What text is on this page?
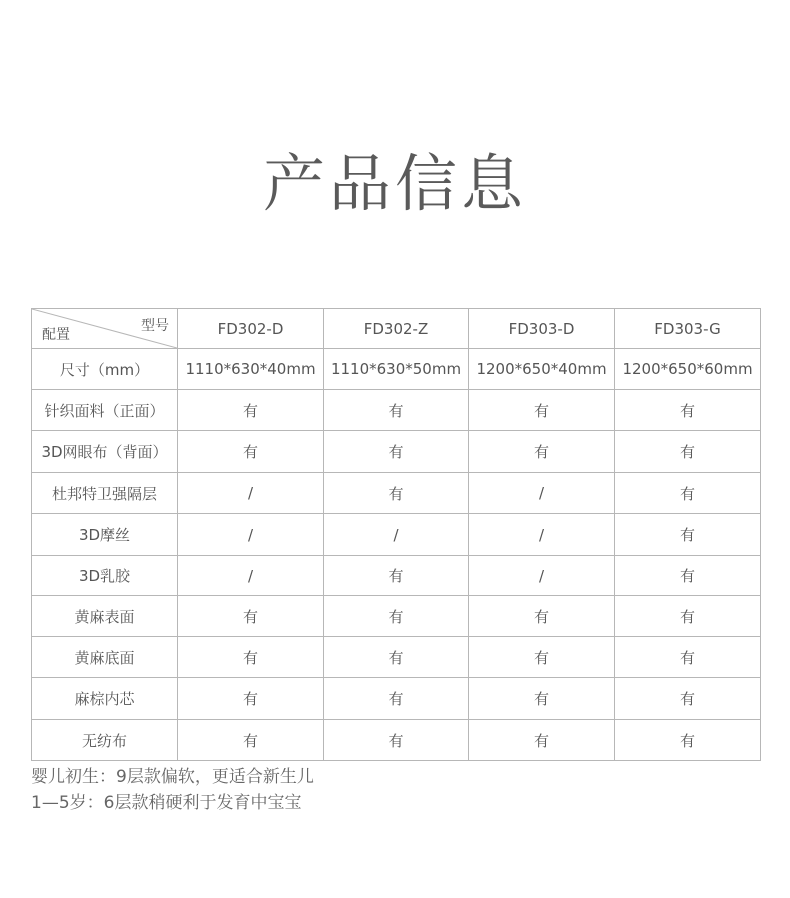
产品信息
型号
配置	FD302-D	FD302-Z	FD303-D	FD303-G
尺寸（mm）	1110*630*40mm	1110*630*50mm	1200*650*40mm	1200*650*60mm
针织面料（正面）	有	有	有	有
3D网眼布（背面）	有	有	有	有
杜邦特卫强隔层	/	有	/	有
3D摩丝	/	/	/	有
3D乳胶	/	有	/	有
黄麻表面	有	有	有	有
黄麻底面	有	有	有	有
麻棕内芯	有	有	有	有
无纺布	有	有	有	有
婴儿初生：9层款偏软，更适合新生儿
1—5岁：6层款稍硬利于发育中宝宝
